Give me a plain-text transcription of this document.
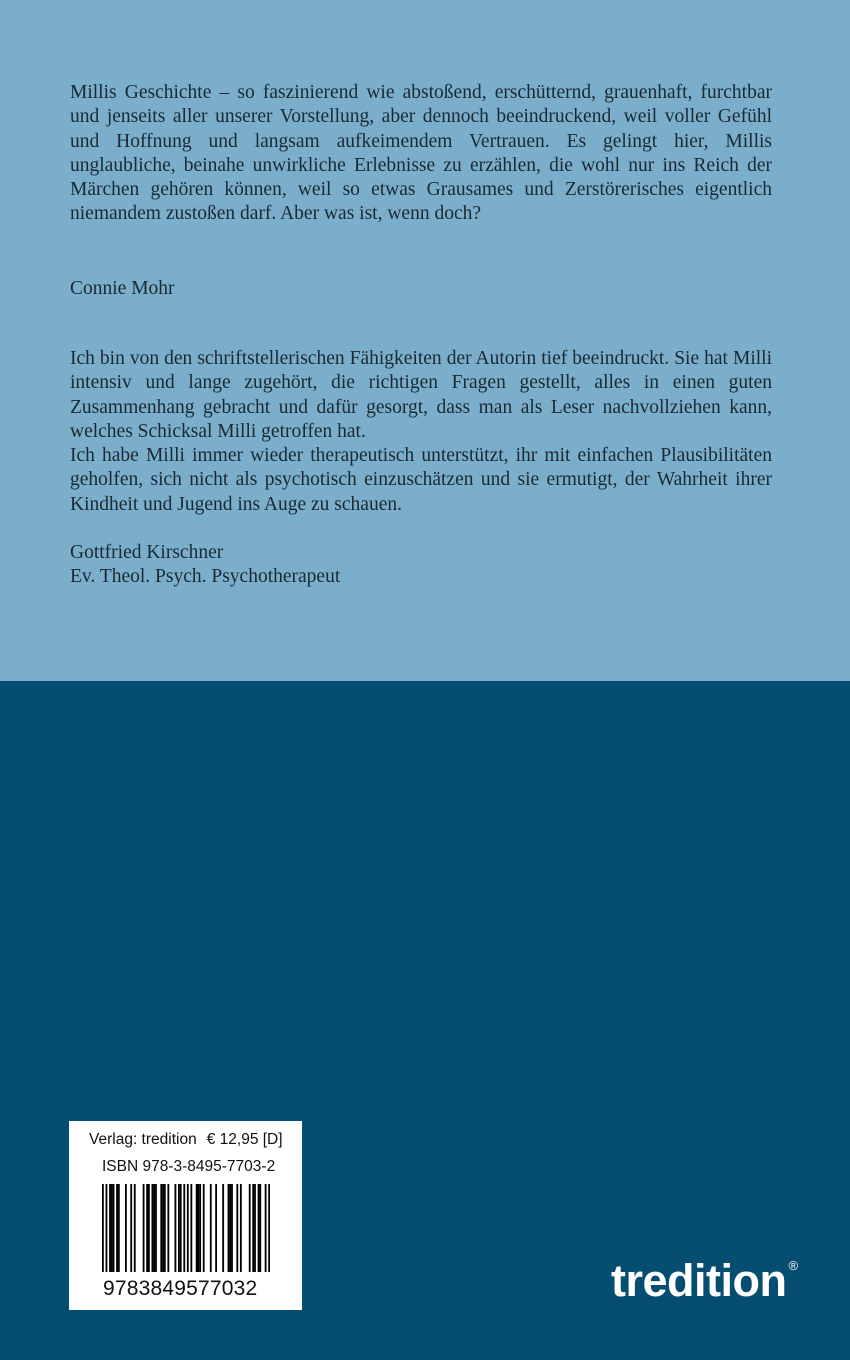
Millis Geschichte – so faszinierend wie abstoßend, erschütternd, grauenhaft, furchtbar und jenseits aller unserer Vorstellung, aber dennoch beeindruckend, weil voller Gefühl und Hoffnung und langsam aufkeimendem Vertrauen. Es gelingt hier, Millis unglaubliche, beinahe unwirkliche Erlebnisse zu erzählen, die wohl nur ins Reich der Märchen gehören können, weil so etwas Grausames und Zerstörerisches eigentlich niemandem zustoßen darf. Aber was ist, wenn doch?

Connie Mohr

Ich bin von den schriftstellerischen Fähigkeiten der Autorin tief beeindruckt. Sie hat Milli intensiv und lange zugehört, die richtigen Fragen gestellt, alles in einen guten Zusammenhang gebracht und dafür gesorgt, dass man als Leser nachvollziehen kann, welches Schicksal Milli getroffen hat.

Ich habe Milli immer wieder therapeutisch unterstützt, ihr mit einfachen Plausibilitäten geholfen, sich nicht als psychotisch einzuschätzen und sie ermutigt, der Wahrheit ihrer Kindheit und Jugend ins Auge zu schauen.

Gottfried Kirschner
Ev. Theol. Psych. Psychotherapeut
Verlag: tredition € 12,95 [D]
ISBN 978-3-8495-7703-2
9783849577032	tredition ®
